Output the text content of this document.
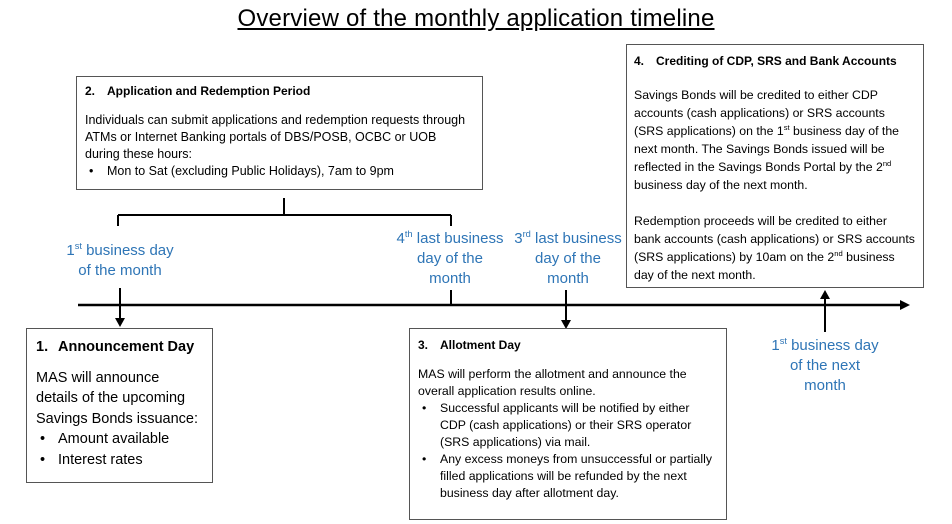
Overview of the monthly application timeline
2. Application and Redemption Period

Individuals can submit applications and redemption requests through ATMs or Internet Banking portals of DBS/POSB, OCBC or UOB during these hours:

• Mon to Sat (excluding Public Holidays), 7am to 9pm
4. Crediting of CDP, SRS and Bank Accounts

Savings Bonds will be credited to either CDP accounts (cash applications) or SRS accounts (SRS applications) on the 1st business day of the next month. The Savings Bonds issued will be reflected in the Savings Bonds Portal by the 2nd business day of the next month.

Redemption proceeds will be credited to either bank accounts (cash applications) or SRS accounts (SRS applications) by 10am on the 2nd business day of the next month.

1. Announcement Day

MAS will announce details of the upcoming Savings Bonds issuance:

• Amount available
• Interest rates
3. Allotment Day

MAS will perform the allotment and announce the overall application results online.

• Successful applicants will be notified by either CDP (cash applications) or their SRS operator (SRS applications) via mail.
• Any excess moneys from unsuccessful or partially filled applications will be refunded by the next business day after allotment day.
1st business day
of the month
4th last business
day of the
month
3rd last business
day of the
month
1st business day
of the next
month
